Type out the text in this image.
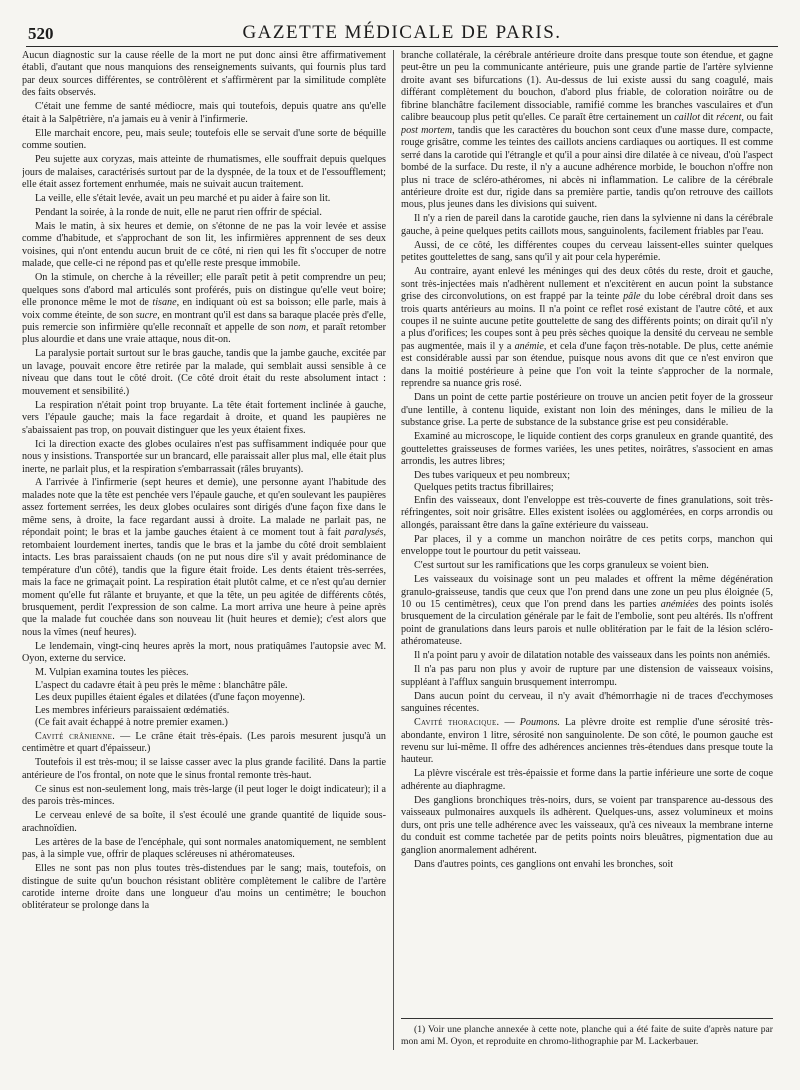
520	GAZETTE MÉDICALE DE PARIS.

Aucun diagnostic sur la cause réelle de la mort ne put donc ainsi être affirmativement établi, d'autant que nous manquions des renseignements suivants, qui fournis plus tard par deux sources différentes, se contrôlèrent et s'affirmèrent par la similitude complète des faits observés.

C'était une femme de santé médiocre, mais qui toutefois, depuis quatre ans qu'elle était à la Salpêtrière, n'a jamais eu à venir à l'infirmerie.

Elle marchait encore, peu, mais seule; toutefois elle se servait d'une sorte de béquille comme soutien.

Peu sujette aux coryzas, mais atteinte de rhumatismes, elle souffrait depuis quelques jours de malaises, caractérisés surtout par de la dyspnée, de la toux et de l'essoufflement; elle était assez fortement enrhumée, mais ne suivait aucun traitement.

La veille, elle s'était levée, avait un peu marché et pu aider à faire son lit.

Pendant la soirée, à la ronde de nuit, elle ne parut rien offrir de spécial.

Mais le matin, à six heures et demie, on s'étonne de ne pas la voir levée et assise comme d'habitude, et s'approchant de son lit, les infirmières apprennent de ses deux voisines, qui n'ont entendu aucun bruit de ce côté, ni rien qui les fît s'occuper de notre malade, que celle-ci ne répond pas et qu'elle reste presque immobile.

On la stimule, on cherche à la réveiller; elle paraît petit à petit comprendre un peu; quelques sons d'abord mal articulés sont proférés, puis on distingue qu'elle veut boire; elle prononce même le mot de tisane, en indiquant où est sa boisson; elle parle, mais à voix comme éteinte, de son sucre, en montrant qu'il est dans sa baraque placée près d'elle, puis remercie son infirmière qu'elle reconnaît et appelle de son nom, et paraît retomber plus alourdie et dans une vraie attaque, nous dit-on.

La paralysie portait surtout sur le bras gauche, tandis que la jambe gauche, excitée par un lavage, pouvait encore être retirée par la malade, qui semblait aussi sensible à ce niveau que dans tout le côté droit. (Ce côté droit était du reste absolument intact : mouvement et sensibilité.)

La respiration n'était point trop bruyante. La tête était fortement inclinée à gauche, vers l'épaule gauche; mais la face regardait à droite, et quand les paupières ne s'abaissaient pas trop, on pouvait distinguer que les yeux étaient fixes.

Ici la direction exacte des globes oculaires n'est pas suffisamment indiquée pour que nous y insistions. Transportée sur un brancard, elle paraissait aller plus mal, elle était plus inerte, ne parlait plus, et la respiration s'embarrassait (râles bruyants).

A l'arrivée à l'infirmerie (sept heures et demie), une personne ayant l'habitude des malades note que la tête est penchée vers l'épaule gauche, et qu'en soulevant les paupières assez fortement serrées, les deux globes oculaires sont dirigés d'une façon fixe dans le même sens, à droite, la face regardant aussi à droite. La malade ne parlait pas, ne répondait point; le bras et la jambe gauches étaient à ce moment tout à fait paralysés, retombaient lourdement inertes, tandis que le bras et la jambe du côté droit semblaient intacts. Les bras paraissaient chauds (on ne put nous dire s'il y avait prédominance de température d'un côté), tandis que la figure était froide. Les dents étaient très-serrées, mais la face ne grimaçait point. La respiration était plutôt calme, et ce n'est qu'au dernier moment qu'elle fut râlante et bruyante, et que la tête, un peu agitée de différents côtés, brusquement, perdit l'expression de son calme. La mort arriva une heure à peine après que la malade fut couchée dans son nouveau lit (huit heures et demie); c'est alors que nous la vîmes (neuf heures).

Le lendemain, vingt-cinq heures après la mort, nous pratiquâmes l'autopsie avec M. Oyon, externe du service.

M. Vulpian examina toutes les pièces.

L'aspect du cadavre était à peu près le même : blanchâtre pâle.

Les deux pupilles étaient égales et dilatées (d'une façon moyenne).

Les membres inférieurs paraissaient œdématiés.

(Ce fait avait échappé à notre premier examen.)

Cavité crânienne. — Le crâne était très-épais. (Les parois mesurent jusqu'à un centimètre et quart d'épaisseur.)

Toutefois il est très-mou; il se laisse casser avec la plus grande facilité. Dans la partie antérieure de l'os frontal, on note que le sinus frontal remonte très-haut.

Ce sinus est non-seulement long, mais très-large (il peut loger le doigt indicateur); il a des parois très-minces.

Le cerveau enlevé de sa boîte, il s'est écoulé une grande quantité de liquide sous-arachnoïdien.

Les artères de la base de l'encéphale, qui sont normales anatomiquement, ne semblent pas, à la simple vue, offrir de plaques scléreuses ni athéromateuses.

Elles ne sont pas non plus toutes très-distendues par le sang; mais, toutefois, on distingue de suite qu'un bouchon résistant oblitère complètement le calibre de l'artère carotide interne droite dans une longueur d'au moins un centimètre; le bouchon oblitérateur se prolonge dans la

branche collatérale, la cérébrale antérieure droite dans presque toute son étendue, et gagne peut-être un peu la communicante antérieure, puis une grande partie de l'artère sylvienne droite avant ses bifurcations (1). Au-dessus de lui existe aussi du sang coagulé, mais différant complètement du bouchon, d'abord plus friable, de coloration noirâtre ou de fibrine blanchâtre facilement dissociable, ramifié comme les branches vasculaires et d'un calibre beaucoup plus petit qu'elles. Ce paraît être certainement un caillot dit récent, ou fait post mortem, tandis que les caractères du bouchon sont ceux d'une masse dure, compacte, rouge grisâtre, comme les teintes des caillots anciens cardiaques ou aortiques. Il est comme serré dans la carotide qui l'étrangle et qu'il a pour ainsi dire dilatée à ce niveau, d'où l'aspect bombé de la surface. Du reste, il n'y a aucune adhérence morbide, le bouchon n'offre non plus ni trace de scléro-athéromes, ni abcès ni inflammation. Le calibre de la cérébrale antérieure droite est dur, rigide dans sa première partie, tandis qu'on retrouve des caillots mous, plus jeunes dans les divisions qui suivent.

Il n'y a rien de pareil dans la carotide gauche, rien dans la sylvienne ni dans la cérébrale gauche, à peine quelques petits caillots mous, sanguinolents, facilement friables par l'eau.

Aussi, de ce côté, les différentes coupes du cerveau laissent-elles suinter quelques petites gouttelettes de sang, sans qu'il y ait pour cela hyperémie.

Au contraire, ayant enlevé les méninges qui des deux côtés du reste, droit et gauche, sont très-injectées mais n'adhèrent nullement et n'excitèrent en aucun point la substance grise des circonvolutions, on est frappé par la teinte pâle du lobe cérébral droit dans ses trois quarts antérieurs au moins. Il n'a point ce reflet rosé existant de l'autre côté, et aux coupes il ne suinte aucune petite gouttelette de sang des différents points; on dirait qu'il n'y a plus d'orifices; les coupes sont à peu près sèches quoique la densité du cerveau ne semble pas augmentée, mais il y a anémie, et cela d'une façon très-notable. De plus, cette anémie est considérable aussi par son étendue, puisque nous avons dit que ce n'est environ que dans la moitié postérieure à peine que l'on voit la teinte s'approcher de la normale, reprendre sa nuance gris rosé.

Dans un point de cette partie postérieure on trouve un ancien petit foyer de la grosseur d'une lentille, à contenu liquide, existant non loin des méninges, dans le milieu de la substance grise. La perte de substance de la substance grise est peu considérable.

Examiné au microscope, le liquide contient des corps granuleux en grande quantité, des gouttelettes graisseuses de formes variées, les unes petites, noirâtres, s'associent en amas arrondis, les autres libres;

Des tubes variqueux et peu nombreux;

Quelques petits tractus fibrillaires;

Enfin des vaisseaux, dont l'enveloppe est très-couverte de fines granulations, soit très-réfringentes, soit noir grisâtre. Elles existent isolées ou agglomérées, en corps arrondis ou allongés, paraissant être dans la gaîne extérieure du vaisseau.

Par places, il y a comme un manchon noirâtre de ces petits corps, manchon qui enveloppe tout le pourtour du petit vaisseau.

C'est surtout sur les ramifications que les corps granuleux se voient bien.

Les vaisseaux du voisinage sont un peu malades et offrent la même dégénération granulo-graisseuse, tandis que ceux que l'on prend dans une zone un peu plus éloignée (5, 10 ou 15 centimètres), ceux que l'on prend dans les parties anémiées des points isolés brusquement de la circulation générale par le fait de l'embolie, sont peu altérés. Ils n'offrent point de granulations dans leurs parois et nulle oblitération par le fait de la lésion scléro-athéromateuse.

Il n'a point paru y avoir de dilatation notable des vaisseaux dans les points non anémiés.

Il n'a pas paru non plus y avoir de rupture par une distension de vaisseaux voisins, suppléant à l'afflux sanguin brusquement interrompu.

Dans aucun point du cerveau, il n'y avait d'hémorrhagie ni de traces d'ecchymoses sanguines récentes.

Cavité thoracique. — Poumons. La plèvre droite est remplie d'une sérosité très-abondante, environ 1 litre, sérosité non sanguinolente. De son côté, le poumon gauche est revenu sur lui-même. Il offre des adhérences anciennes très-étendues dans presque toute la hauteur.

La plèvre viscérale est très-épaissie et forme dans la partie inférieure une sorte de coque adhérente au diaphragme.

Des ganglions bronchiques très-noirs, durs, se voient par transparence au-dessous des vaisseaux pulmonaires auxquels ils adhèrent. Quelques-uns, assez volumineux et moins durs, ont pris une telle adhérence avec les vaisseaux, qu'à ces niveaux la membrane interne du conduit est comme tachetée par de petits points noirs bleuâtres, pigmentation due au ganglion anormalement adhérent.

Dans d'autres points, ces ganglions ont envahi les bronches, soit

(1) Voir une planche annexée à cette note, planche qui a été faite de suite d'après nature par mon ami M. Oyon, et reproduite en chromo-lithographie par M. Lackerbauer.
